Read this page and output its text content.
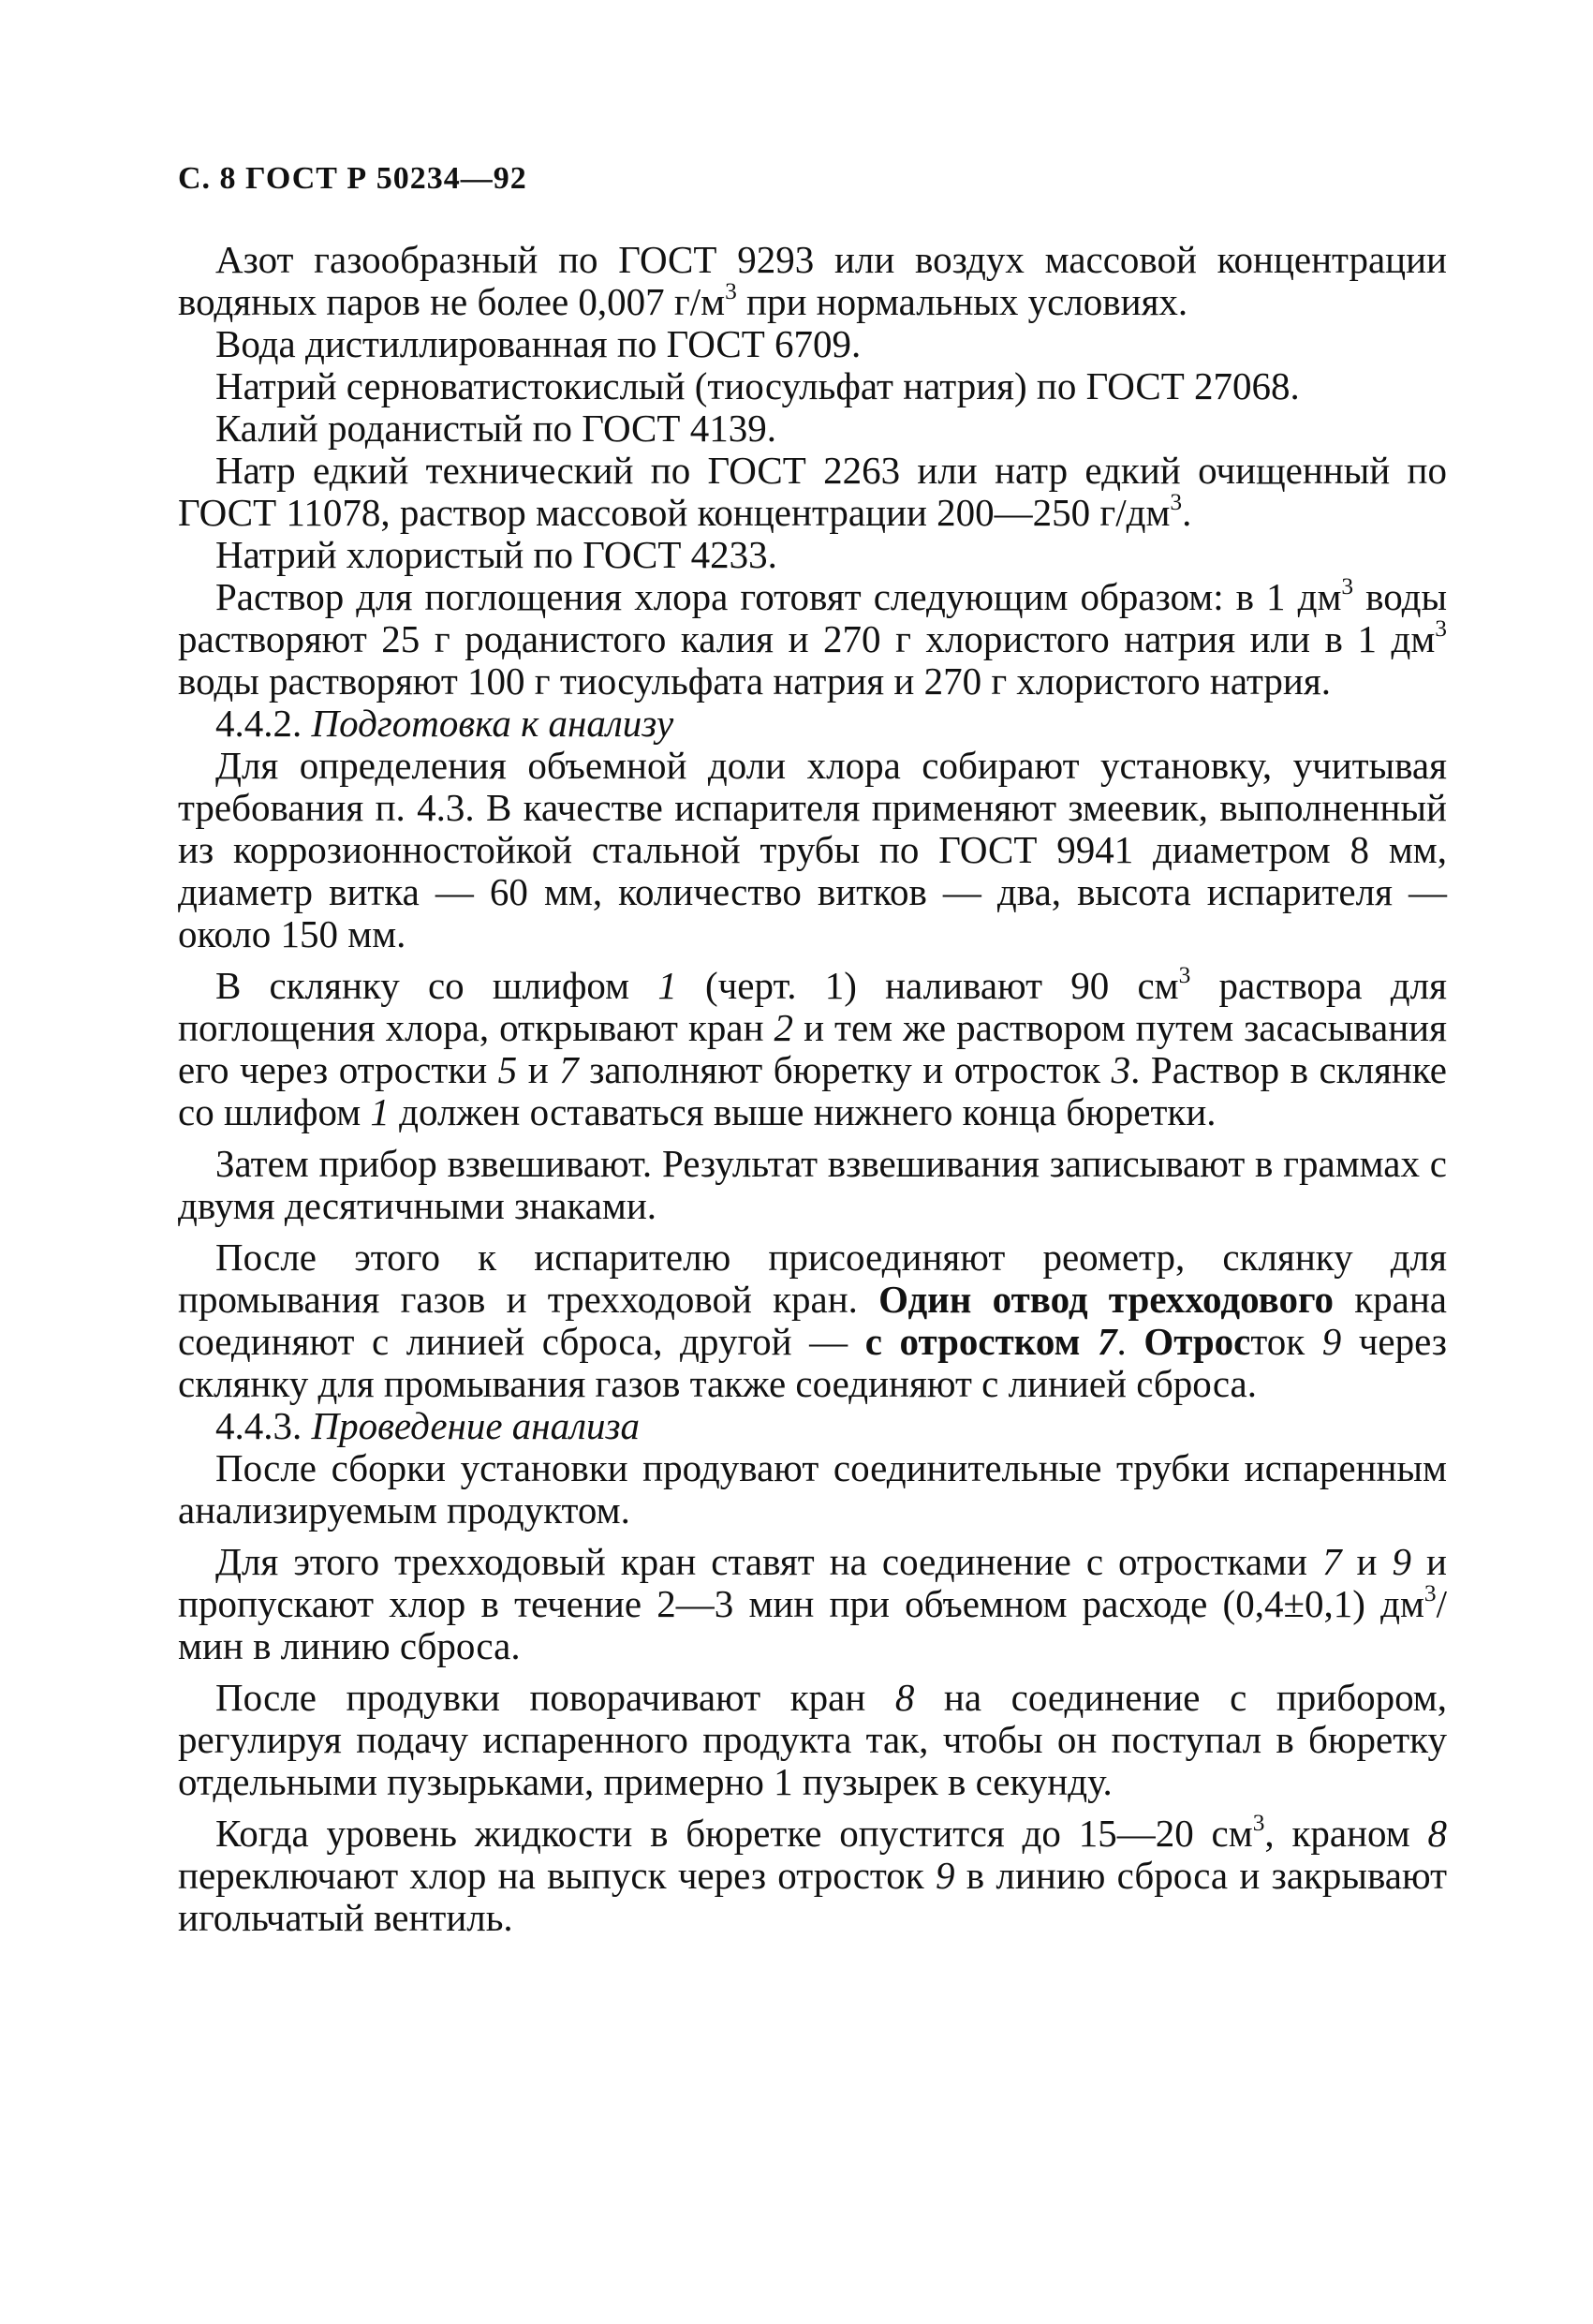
С. 8 ГОСТ Р 50234—92

Азот газообразный по ГОСТ 9293 или воздух массовой концентрации водяных паров не более 0,007 $г/м^3$ при нормальных условиях.

Вода дистиллированная по ГОСТ 6709.

Натрий серноватистокислый (тиосульфат натрия) по ГОСТ 27068.

Калий роданистый по ГОСТ 4139.

Натр едкий технический по ГОСТ 2263 или натр едкий очищенный по ГОСТ 11078, раствор массовой концентрации 200—250 $г/дм^3$.

Натрий хлористый по ГОСТ 4233.

Раствор для поглощения хлора готовят следующим образом: в 1 $дм^3$ воды растворяют 25 г роданистого калия и 270 г хлористого натрия или в 1 $дм^3$ воды растворяют 100 г тиосульфата натрия и 270 г хлористого натрия.

4.4.2. Подготовка к анализу

Для определения объемной доли хлора собирают установку, учитывая требования п. 4.3. В качестве испарителя применяют змеевик, выполненный из коррозионностойкой стальной трубы по ГОСТ 9941 диаметром 8 мм, диаметр витка — 60 мм, количество витков — два, высота испарителя — около 150 мм.

В склянку со шлифом 1 (черт. 1) наливают 90 $см^3$ раствора для поглощения хлора, открывают кран 2 и тем же раствором путем засасывания его через отростки 5 и 7 заполняют бюретку и отросток 3. Раствор в склянке со шлифом 1 должен оставаться выше нижнего конца бюретки.

Затем прибор взвешивают. Результат взвешивания записывают в граммах с двумя десятичными знаками.

После этого к испарителю присоединяют реометр, склянку для промывания газов и трехходовой кран. Один отвод трехходового крана соединяют с линией сброса, другой — с отростком 7. Отросток 9 через склянку для промывания газов также соединяют с линией сброса.

4.4.3. Проведение анализа

После сборки установки продувают соединительные трубки испаренным анализируемым продуктом.

Для этого трехходовый кран ставят на соединение с отростками 7 и 9 и пропускают хлор в течение 2—3 мин при объемном расходе (0,4±0,1) $дм^3$/мин в линию сброса.

После продувки поворачивают кран 8 на соединение с прибором, регулируя подачу испаренного продукта так, чтобы он поступал в бюретку отдельными пузырьками, примерно 1 пузырек в секунду.

Когда уровень жидкости в бюретке опустится до 15—20 $см^3$, краном 8 переключают хлор на выпуск через отросток 9 в линию сброса и закрывают игольчатый вентиль.
